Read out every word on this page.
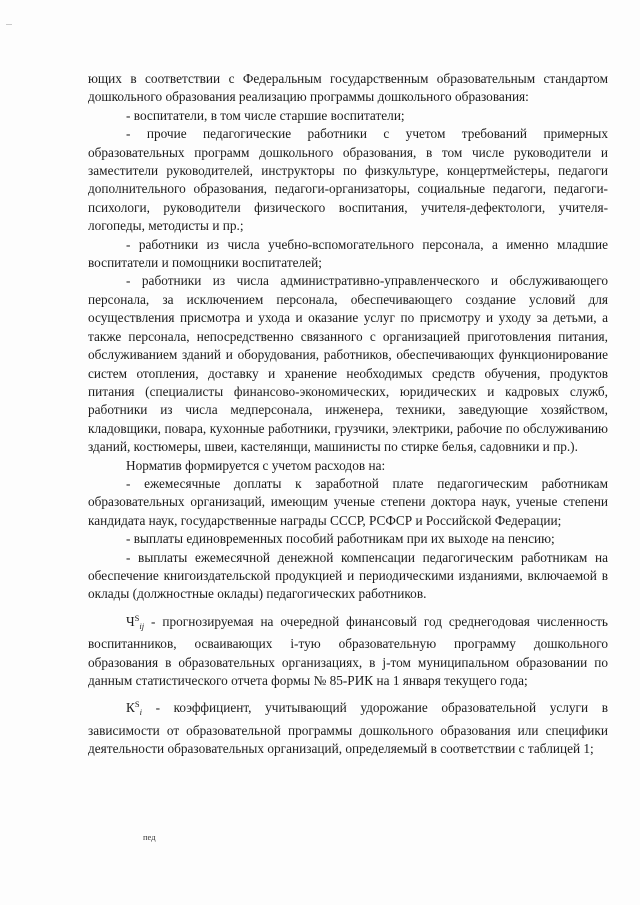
ющих в соответствии с Федеральным государственным образовательным стандартом дошкольного образования реализацию программы дошкольного образования:

- воспитатели, в том числе старшие воспитатели;

- прочие педагогические работники с учетом требований примерных образовательных программ дошкольного образования, в том числе руководители и заместители руководителей, инструкторы по физкультуре, концертмейстеры, педагоги дополнительного образования, педагоги-организаторы, социальные педагоги, педагоги-психологи, руководители физического воспитания, учителя-дефектологи, учителя-логопеды, методисты и пр.;

- работники из числа учебно-вспомогательного персонала, а именно младшие воспитатели и помощники воспитателей;

- работники из числа административно-управленческого и обслуживающего персонала, за исключением персонала, обеспечивающего создание условий для осуществления присмотра и ухода и оказание услуг по присмотру и уходу за детьми, а также персонала, непосредственно связанного с организацией приготовления питания, обслуживанием зданий и оборудования, работников, обеспечивающих функционирование систем отопления, доставку и хранение необходимых средств обучения, продуктов питания (специалисты финансово-экономических, юридических и кадровых служб, работники из числа медперсонала, инженера, техники, заведующие хозяйством, кладовщики, повара, кухонные работники, грузчики, электрики, рабочие по обслуживанию зданий, костюмеры, швеи, кастелянщи, машинисты по стирке белья, садовники и пр.).

Норматив формируется с учетом расходов на:

- ежемесячные доплаты к заработной плате педагогическим работникам образовательных организаций, имеющим ученые степени доктора наук, ученые степени кандидата наук, государственные награды СССР, РСФСР и Российской Федерации;

- выплаты единовременных пособий работникам при их выходе на пенсию;

- выплаты ежемесячной денежной компенсации педагогическим работникам на обеспечение книгоиздательской продукцией и периодическими изданиями, включаемой в оклады (должностные оклады) педагогических работников.

$Ч^S_{ij}$ - прогнозируемая на очередной финансовый год среднегодовая численность воспитанников, осваивающих i-тую образовательную программу дошкольного образования в образовательных организациях, в j-том муниципальном образовании по данным статистического отчета формы № 85-РИК на 1 января текущего года;

$К^S_i$ - коэффициент, учитывающий удорожание образовательной услуги в зависимости от образовательной программы дошкольного образования или специфики деятельности образовательных организаций, определяемый в соответствии с таблицей 1;

пед
